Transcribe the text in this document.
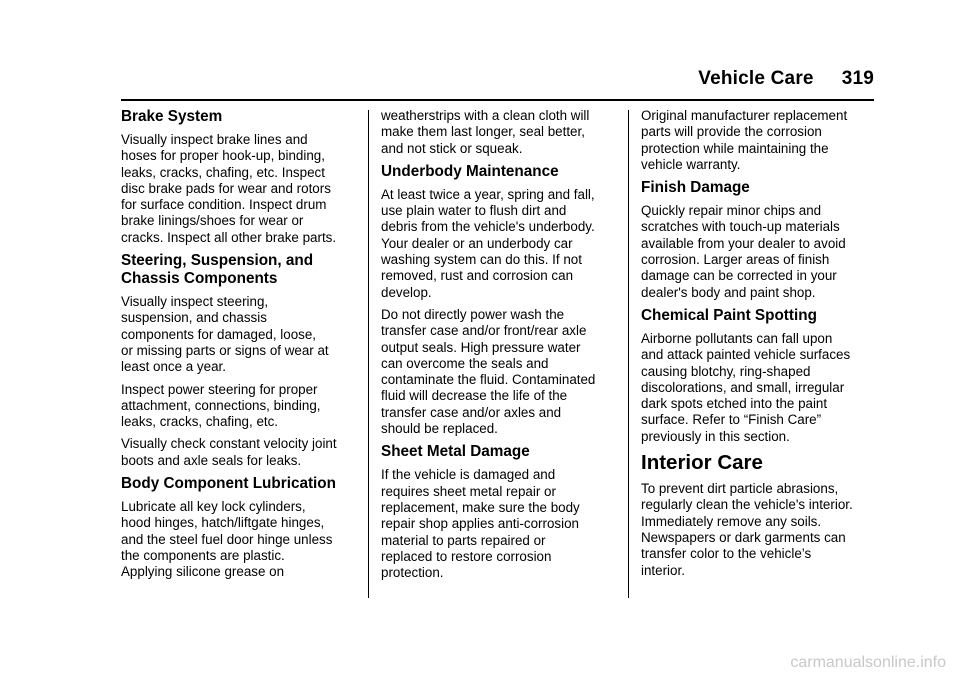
Vehicle Care 319
Brake System

Visually inspect brake lines and
hoses for proper hook-up, binding,
leaks, cracks, chafing, etc. Inspect
disc brake pads for wear and rotors
for surface condition. Inspect drum
brake linings/shoes for wear or
cracks. Inspect all other brake parts.

Steering, Suspension, and
Chassis Components

Visually inspect steering,
suspension, and chassis
components for damaged, loose,
or missing parts or signs of wear at
least once a year.

Inspect power steering for proper
attachment, connections, binding,
leaks, cracks, chafing, etc.

Visually check constant velocity joint
boots and axle seals for leaks.

Body Component Lubrication

Lubricate all key lock cylinders,
hood hinges, hatch/liftgate hinges,
and the steel fuel door hinge unless
the components are plastic.
Applying silicone grease on

weatherstrips with a clean cloth will
make them last longer, seal better,
and not stick or squeak.

Underbody Maintenance

At least twice a year, spring and fall,
use plain water to flush dirt and
debris from the vehicle's underbody.
Your dealer or an underbody car
washing system can do this. If not
removed, rust and corrosion can
develop.

Do not directly power wash the
transfer case and/or front/rear axle
output seals. High pressure water
can overcome the seals and
contaminate the fluid. Contaminated
fluid will decrease the life of the
transfer case and/or axles and
should be replaced.

Sheet Metal Damage

If the vehicle is damaged and
requires sheet metal repair or
replacement, make sure the body
repair shop applies anti-corrosion
material to parts repaired or
replaced to restore corrosion
protection.

Original manufacturer replacement
parts will provide the corrosion
protection while maintaining the
vehicle warranty.

Finish Damage

Quickly repair minor chips and
scratches with touch-up materials
available from your dealer to avoid
corrosion. Larger areas of finish
damage can be corrected in your
dealer's body and paint shop.

Chemical Paint Spotting

Airborne pollutants can fall upon
and attack painted vehicle surfaces
causing blotchy, ring-shaped
discolorations, and small, irregular
dark spots etched into the paint
surface. Refer to “Finish Care”
previously in this section.

Interior Care

To prevent dirt particle abrasions,
regularly clean the vehicle's interior.
Immediately remove any soils.
Newspapers or dark garments can
transfer color to the vehicle’s
interior.

carmanualsonline.info
